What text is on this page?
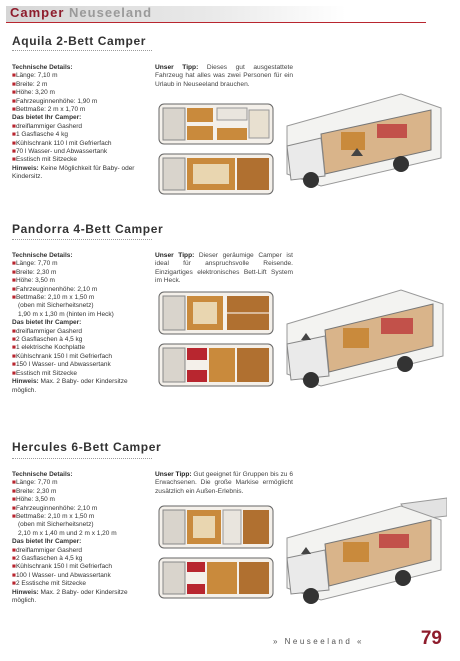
Camper Neuseeland
Aquila 2-Bett Camper
Technische Details:
■Länge: 7,10 m
■Breite: 2 m
■Höhe: 3,20 m
■Fahrzeuginnenhöhe: 1,90 m
■Bettmaße: 2 m x 1,70 m
Das bietet Ihr Camper:
■dreiflammiger Gasherd
■1 Gasflasche 4 kg
■Kühlschrank 110 l mit Gefrierfach
■70 l Wasser- und Abwassertank
■Esstisch mit Sitzecke
Hinweis: Keine Möglichkeit für Baby- oder Kindersitz.
Unser Tipp: Dieses gut ausgestattete Fahrzeug hat alles was zwei Personen für ein Urlaub in Neuseeland brauchen.
Pandorra 4-Bett Camper
Technische Details:
■Länge: 7,70 m
■Breite: 2,30 m
■Höhe: 3,50 m
■Fahrzeuginnenhöhe: 2,10 m
■Bettmaße: 2,10 m x 1,50 m
(oben mit Sicherheitsnetz)
1,90 m x 1,30 m (hinten im Heck)
Das bietet Ihr Camper:
■dreiflammiger Gasherd
■2 Gasflaschen à 4,5 kg
■1 elektrische Kochplatte
■Kühlschrank 150 l mit Gefrierfach
■150 l Wasser- und Abwassertank
■Esstisch mit Sitzecke
Hinweis: Max. 2 Baby- oder Kindersitze möglich.
Unser Tipp: Dieser geräumige Camper ist ideal für anspruchsvolle Reisende. Einzigartiges elektronisches Bett-Lift System im Heck.
Hercules 6-Bett Camper
Technische Details:
■Länge: 7,70 m
■Breite: 2,30 m
■Höhe: 3,50 m
■Fahrzeuginnenhöhe: 2,10 m
■Bettmaße: 2,10 m x 1,50 m
(oben mit Sicherheitsnetz)
2,10 m x 1,40 m und 2 m x 1,20 m
Das bietet Ihr Camper:
■dreiflammiger Gasherd
■2 Gasflaschen à 4,5 kg
■Kühlschrank 150 l mit Gefrierfach
■100 l Wasser- und Abwassertank
■2 Esstische mit Sitzecke
Hinweis: Max. 2 Baby- oder Kindersitze möglich.
Unser Tipp: Gut geeignet für Gruppen bis zu 6 Erwachsenen. Die große Markise ermöglicht zusätzlich ein Außen-Erlebnis.
» Neuseeland «	79
